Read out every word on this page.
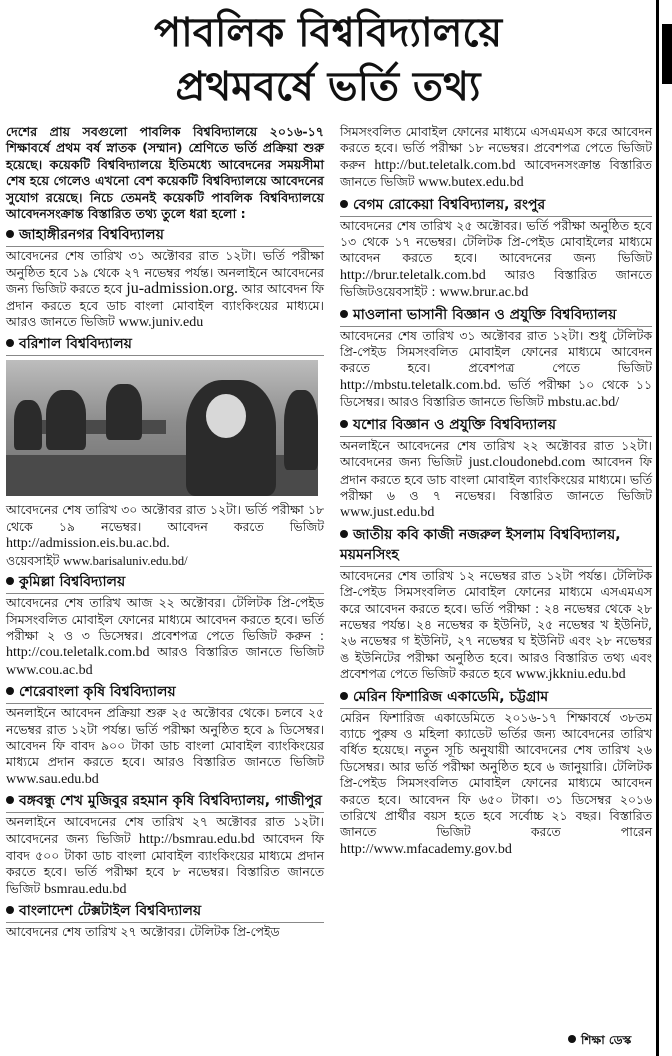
পাবলিক বিশ্ববিদ্যালয়ে
প্রথমবর্ষে ভর্তি তথ্য

দেশের প্রায় সবগুলো পাবলিক বিশ্ববিদ্যালয়ে ২০১৬-১৭ শিক্ষাবর্ষে প্রথম বর্ষ স্নাতক (সম্মান) শ্রেণিতে ভর্তি প্রক্রিয়া শুরু হয়েছে। কয়েকটি বিশ্ববিদ্যালয়ে ইতিমধ্যে আবেদনের সময়সীমা শেষ হয়ে গেলেও এখনো বেশ কয়েকটি বিশ্ববিদ্যালয়ে আবেদনের সুযোগ রয়েছে। নিচে তেমনই কয়েকটি পাবলিক বিশ্ববিদ্যালয়ে আবেদনসংক্রান্ত বিস্তারিত তথ্য তুলে ধরা হলো :

জাহাঙ্গীরনগর বিশ্ববিদ্যালয়

আবেদনের শেষ তারিখ ৩১ অক্টোবর রাত ১২টা। ভর্তি পরীক্ষা অনুষ্ঠিত হবে ১৯ থেকে ২৭ নভেম্বর পর্যন্ত। অনলাইনে আবেদনের জন্য ভিজিট করতে হবে ju-admission.org. আর আবেদন ফি প্রদান করতে হবে ডাচ বাংলা মোবাইল ব্যাংকিংয়ের মাধ্যমে। আরও জানতে ভিজিট www.juniv.edu

বরিশাল বিশ্ববিদ্যালয়

আবেদনের শেষ তারিখ ৩০ অক্টোবর রাত ১২টা। ভর্তি পরীক্ষা ১৮ থেকে ১৯ নভেম্বর। আবেদন করতে ভিজিট http://admission.eis.bu.ac.bd.
ওয়েবসাইট www.barisaluniv.edu.bd/

কুমিল্লা বিশ্ববিদ্যালয়

আবেদনের শেষ তারিখ আজ ২২ অক্টোবর। টেলিটক প্রি-পেইড সিমসংবলিত মোবাইল ফোনের মাধ্যমে আবেদন করতে হবে। ভর্তি পরীক্ষা ২ ও ৩ ডিসেম্বর। প্রবেশপত্র পেতে ভিজিট করুন : http://cou.teletalk.com.bd আরও বিস্তারিত জানতে ভিজিট www.cou.ac.bd

শেরেবাংলা কৃষি বিশ্ববিদ্যালয়

অনলাইনে আবেদন প্রক্রিয়া শুরু ২৫ অক্টোবর থেকে। চলবে ২৫ নভেম্বর রাত ১২টা পর্যন্ত। ভর্তি পরীক্ষা অনুষ্ঠিত হবে ৯ ডিসেম্বর। আবেদন ফি বাবদ ৯০০ টাকা ডাচ বাংলা মোবাইল ব্যাংকিংয়ের মাধ্যমে প্রদান করতে হবে। আরও বিস্তারিত জানতে ভিজিট www.sau.edu.bd

বঙ্গবন্ধু শেখ মুজিবুর রহমান কৃষি বিশ্ববিদ্যালয়, গাজীপুর

অনলাইনে আবেদনের শেষ তারিখ ২৭ অক্টোবর রাত ১২টা। আবেদনের জন্য ভিজিট http://bsmrau.edu.bd আবেদন ফি বাবদ ৫০০ টাকা ডাচ বাংলা মোবাইল ব্যাংকিংয়ের মাধ্যমে প্রদান করতে হবে। ভর্তি পরীক্ষা হবে ৮ নভেম্বর। বিস্তারিত জানতে ভিজিট bsmrau.edu.bd

বাংলাদেশ টেক্সটাইল বিশ্ববিদ্যালয়

আবেদনের শেষ তারিখ ২৭ অক্টোবর। টেলিটক প্রি-পেইড

সিমসংবলিত মোবাইল ফোনের মাধ্যমে এসএমএস করে আবেদন করতে হবে। ভর্তি পরীক্ষা ১৮ নভেম্বর। প্রবেশপত্র পেতে ভিজিট করুন http://but.teletalk.com.bd আবেদনসংক্রান্ত বিস্তারিত জানতে ভিজিট www.butex.edu.bd

বেগম রোকেয়া বিশ্ববিদ্যালয়, রংপুর

আবেদনের শেষ তারিখ ২৫ অক্টোবর। ভর্তি পরীক্ষা অনুষ্ঠিত হবে ১৩ থেকে ১৭ নভেম্বর। টেলিটক প্রি-পেইড মোবাইলের মাধ্যমে আবেদন করতে হবে। আবেদনের জন্য ভিজিট http://brur.teletalk.com.bd আরও বিস্তারিত জানতে ভিজিটওয়েবসাইট : www.brur.ac.bd

মাওলানা ভাসানী বিজ্ঞান ও প্রযুক্তি বিশ্ববিদ্যালয়

আবেদনের শেষ তারিখ ৩১ অক্টোবর রাত ১২টা। শুধু টেলিটক প্রি-পেইড সিমসংবলিত মোবাইল ফোনের মাধ্যমে আবেদন করতে হবে। প্রবেশপত্র পেতে ভিজিট http://mbstu.teletalk.com.bd. ভর্তি পরীক্ষা ১০ থেকে ১১ ডিসেম্বর। আরও বিস্তারিত জানতে ভিজিট mbstu.ac.bd/

যশোর বিজ্ঞান ও প্রযুক্তি বিশ্ববিদ্যালয়

অনলাইনে আবেদনের শেষ তারিখ ২২ অক্টোবর রাত ১২টা। আবেদনের জন্য ভিজিট just.cloudonebd.com আবেদন ফি প্রদান করতে হবে ডাচ বাংলা মোবাইল ব্যাংকিংয়ের মাধ্যমে। ভর্তি পরীক্ষা ৬ ও ৭ নভেম্বর। বিস্তারিত জানতে ভিজিট www.just.edu.bd

জাতীয় কবি কাজী নজরুল ইসলাম বিশ্ববিদ্যালয়, ময়মনসিংহ

আবেদনের শেষ তারিখ ১২ নভেম্বর রাত ১২টা পর্যন্ত। টেলিটক প্রি-পেইড সিমসংবলিত মোবাইল ফোনের মাধ্যমে এসএমএস করে আবেদন করতে হবে। ভর্তি পরীক্ষা : ২৪ নভেম্বর থেকে ২৮ নভেম্বর পর্যন্ত। ২৪ নভেম্বর ক ইউনিট, ২৫ নভেম্বর খ ইউনিট, ২৬ নভেম্বর গ ইউনিট, ২৭ নভেম্বর ঘ ইউনিট এবং ২৮ নভেম্বর ঙ ইউনিটের পরীক্ষা অনুষ্ঠিত হবে। আরও বিস্তারিত তথ্য এবং প্রবেশপত্র পেতে ভিজিট করতে হবে www.jkkniu.edu.bd

মেরিন ফিশারিজ একাডেমি, চট্টগ্রাম

মেরিন ফিশারিজ একাডেমিতে ২০১৬-১৭ শিক্ষাবর্ষে ৩৮তম ব্যাচে পুরুষ ও মহিলা ক্যাডেট ভর্তির জন্য আবেদনের তারিখ বর্ধিত হয়েছে। নতুন সূচি অনুযায়ী আবেদনের শেষ তারিখ ২৬ ডিসেম্বর। আর ভর্তি পরীক্ষা অনুষ্ঠিত হবে ৬ জানুয়ারি। টেলিটক প্রি-পেইড সিমসংবলিত মোবাইল ফোনের মাধ্যমে আবেদন করতে হবে। আবেদন ফি ৬৫০ টাকা। ৩১ ডিসেম্বর ২০১৬ তারিখে প্রার্থীর বয়স হতে হবে সর্বোচ্চ ২১ বছর। বিস্তারিত জানতে ভিজিট করতে পারেন http://www.mfacademy.gov.bd

শিক্ষা ডেস্ক
